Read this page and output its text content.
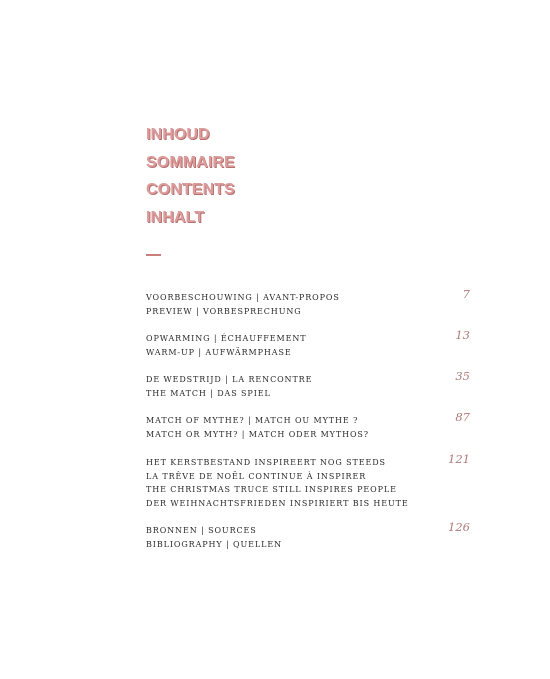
INHOUD
SOMMAIRE
CONTENTS
INHALT
VOORBESCHOUWING | AVANT-PROPOS
PREVIEW | VORBESPRECHUNG
7
OPWARMING | ÉCHAUFFEMENT
WARM-UP | AUFWÄRMPHASE
13
DE WEDSTRIJD | LA RENCONTRE
THE MATCH | DAS SPIEL
35
MATCH OF MYTHE? | MATCH OU MYTHE ?
MATCH OR MYTH? | MATCH ODER MYTHOS?
87
HET KERSTBESTAND INSPIREERT NOG STEEDS
LA TRÊVE DE NOËL CONTINUE À INSPIRER
THE CHRISTMAS TRUCE STILL INSPIRES PEOPLE
DER WEIHNACHTSFRIEDEN INSPIRIERT BIS HEUTE
121
BRONNEN | SOURCES
BIBLIOGRAPHY | QUELLEN
126
